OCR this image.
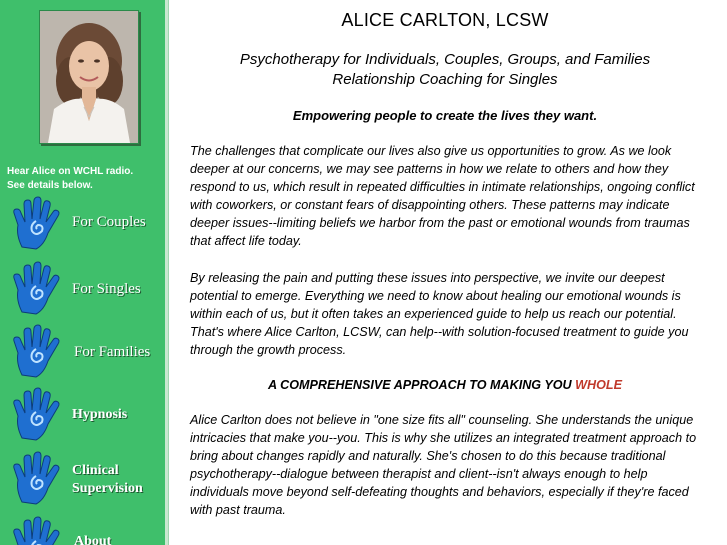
Hear Alice on WCHL radio. See details below.
For Couples
For Singles
For Families
Hypnosis
Clinical
Supervision
About
ALICE CARLTON, LCSW
Psychotherapy for Individuals, Couples, Groups, and Families
Relationship Coaching for Singles
Empowering people to create the lives they want.
The challenges that complicate our lives also give us opportunities to grow. As we look deeper at our concerns, we may see patterns in how we relate to others and how they respond to us, which result in repeated difficulties in intimate relationships, ongoing conflict with coworkers, or constant fears of disappointing others. These patterns may indicate deeper issues--limiting beliefs we harbor from the past or emotional wounds from traumas that affect life today.
By releasing the pain and putting these issues into perspective, we invite our deepest potential to emerge. Everything we need to know about healing our emotional wounds is within each of us, but it often takes an experienced guide to help us reach our potential. That's where Alice Carlton, LCSW, can help--with solution-focused treatment to guide you through the growth process.
A COMPREHENSIVE APPROACH TO MAKING YOU WHOLE
Alice Carlton does not believe in "one size fits all" counseling. She understands the unique intricacies that make you--you. This is why she utilizes an integrated treatment approach to bring about changes rapidly and naturally. She's chosen to do this because traditional psychotherapy--dialogue between therapist and client--isn't always enough to help individuals move beyond self-defeating thoughts and behaviors, especially if they're faced with past trauma.
